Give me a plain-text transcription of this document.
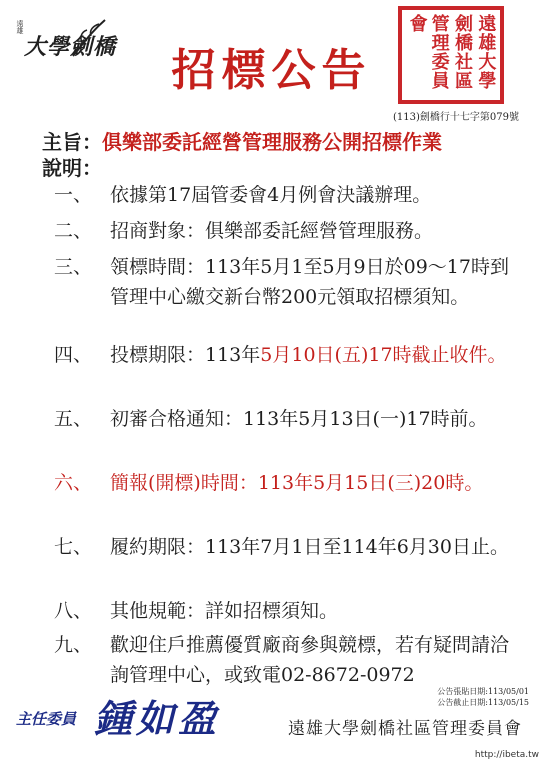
遠雄
大學劍橋	招標公告	遠雄大學
劍橋社區
管理委員會
(113)劍橋行十七字第079號
主旨：俱樂部委託經營管理服務公開招標作業
說明：
一、 依據第17屆管委會4月例會決議辦理。
二、 招商對象：俱樂部委託經營管理服務。
三、 領標時間：113年5月1至5月9日於09～17時到管理中心繳交新台幣200元領取招標須知。
四、 投標期限：113年5月10日(五)17時截止收件。
五、 初審合格通知：113年5月13日(一)17時前。
六、 簡報(開標)時間：113年5月15日(三)20時。
七、 履約期限：113年7月1日至114年6月30日止。
八、 其他規範：詳如招標須知。
九、 歡迎住戶推薦優質廠商參與競標，若有疑問請洽詢管理中心，或致電02-8672-0972
公告張貼日期:113/05/01
公告截止日期:113/05/15
主任委員 鍾如盈	遠雄大學劍橋社區管理委員會
http://ibeta.tw
